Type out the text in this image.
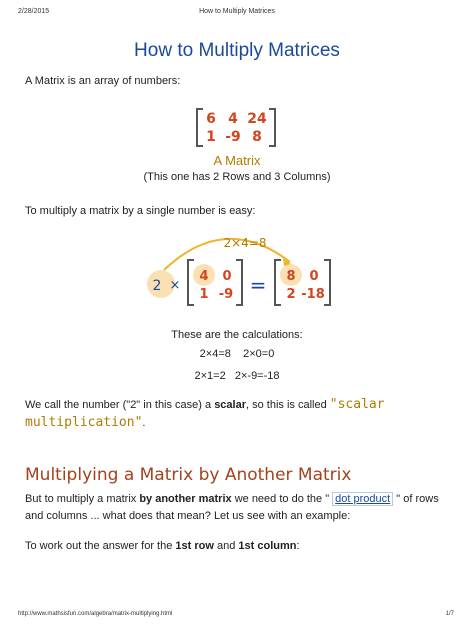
2/28/2015	How to Multiply Matrices
How to Multiply Matrices
A Matrix is an array of numbers:
6 4 24
1 -9 8
2×4=8
2 ×	=
4 0
1 -9
8 0
2 -18
A Matrix
(This one has 2 Rows and 3 Columns)
To multiply a matrix by a single number is easy:
These are the calculations:
2×4=8 2×0=0
2×1=2 2×-9=-18
We call the number ("2" in this case) a scalar, so this is called "scalar multiplication".
Multiplying a Matrix by Another Matrix
But to multiply a matrix by another matrix we need to do the " dot product " of rows and columns ... what does that mean? Let us see with an example:
To work out the answer for the 1st row and 1st column:
http://www.mathsisfun.com/algebra/matrix-multiplying.html	1/7
